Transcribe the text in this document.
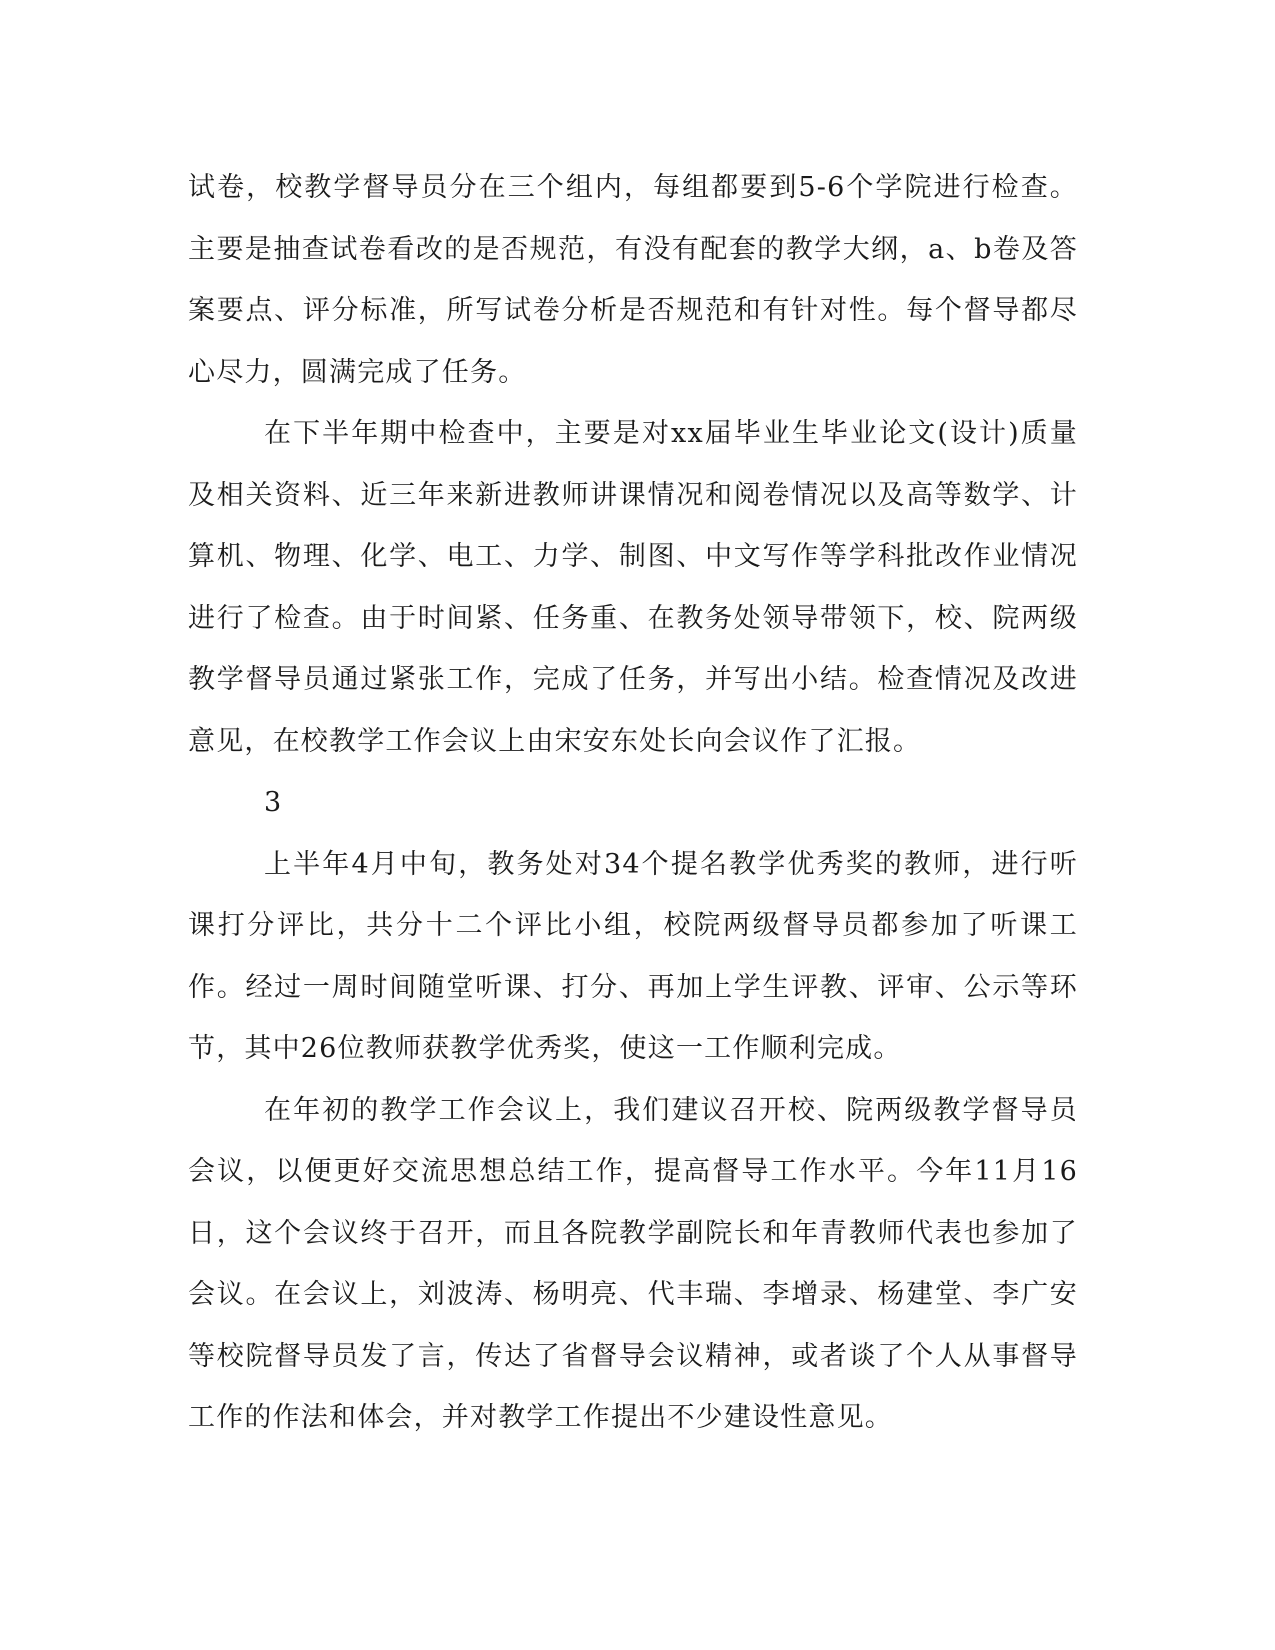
试卷，校教学督导员分在三个组内，每组都要到5-6个学院进行检查。主要是抽查试卷看改的是否规范，有没有配套的教学大纲，a、b卷及答案要点、评分标准，所写试卷分析是否规范和有针对性。每个督导都尽心尽力，圆满完成了任务。

在下半年期中检查中，主要是对xx届毕业生毕业论文(设计)质量及相关资料、近三年来新进教师讲课情况和阅卷情况以及高等数学、计算机、物理、化学、电工、力学、制图、中文写作等学科批改作业情况进行了检查。由于时间紧、任务重、在教务处领导带领下，校、院两级教学督导员通过紧张工作，完成了任务，并写出小结。检查情况及改进意见，在校教学工作会议上由宋安东处长向会议作了汇报。

3

上半年4月中旬，教务处对34个提名教学优秀奖的教师，进行听课打分评比，共分十二个评比小组，校院两级督导员都参加了听课工作。经过一周时间随堂听课、打分、再加上学生评教、评审、公示等环节，其中26位教师获教学优秀奖，使这一工作顺利完成。

在年初的教学工作会议上，我们建议召开校、院两级教学督导员会议，以便更好交流思想总结工作，提高督导工作水平。今年11月16日，这个会议终于召开，而且各院教学副院长和年青教师代表也参加了会议。在会议上，刘波涛、杨明亮、代丰瑞、李增录、杨建堂、李广安等校院督导员发了言，传达了省督导会议精神，或者谈了个人从事督导工作的作法和体会，并对教学工作提出不少建设性意见。
